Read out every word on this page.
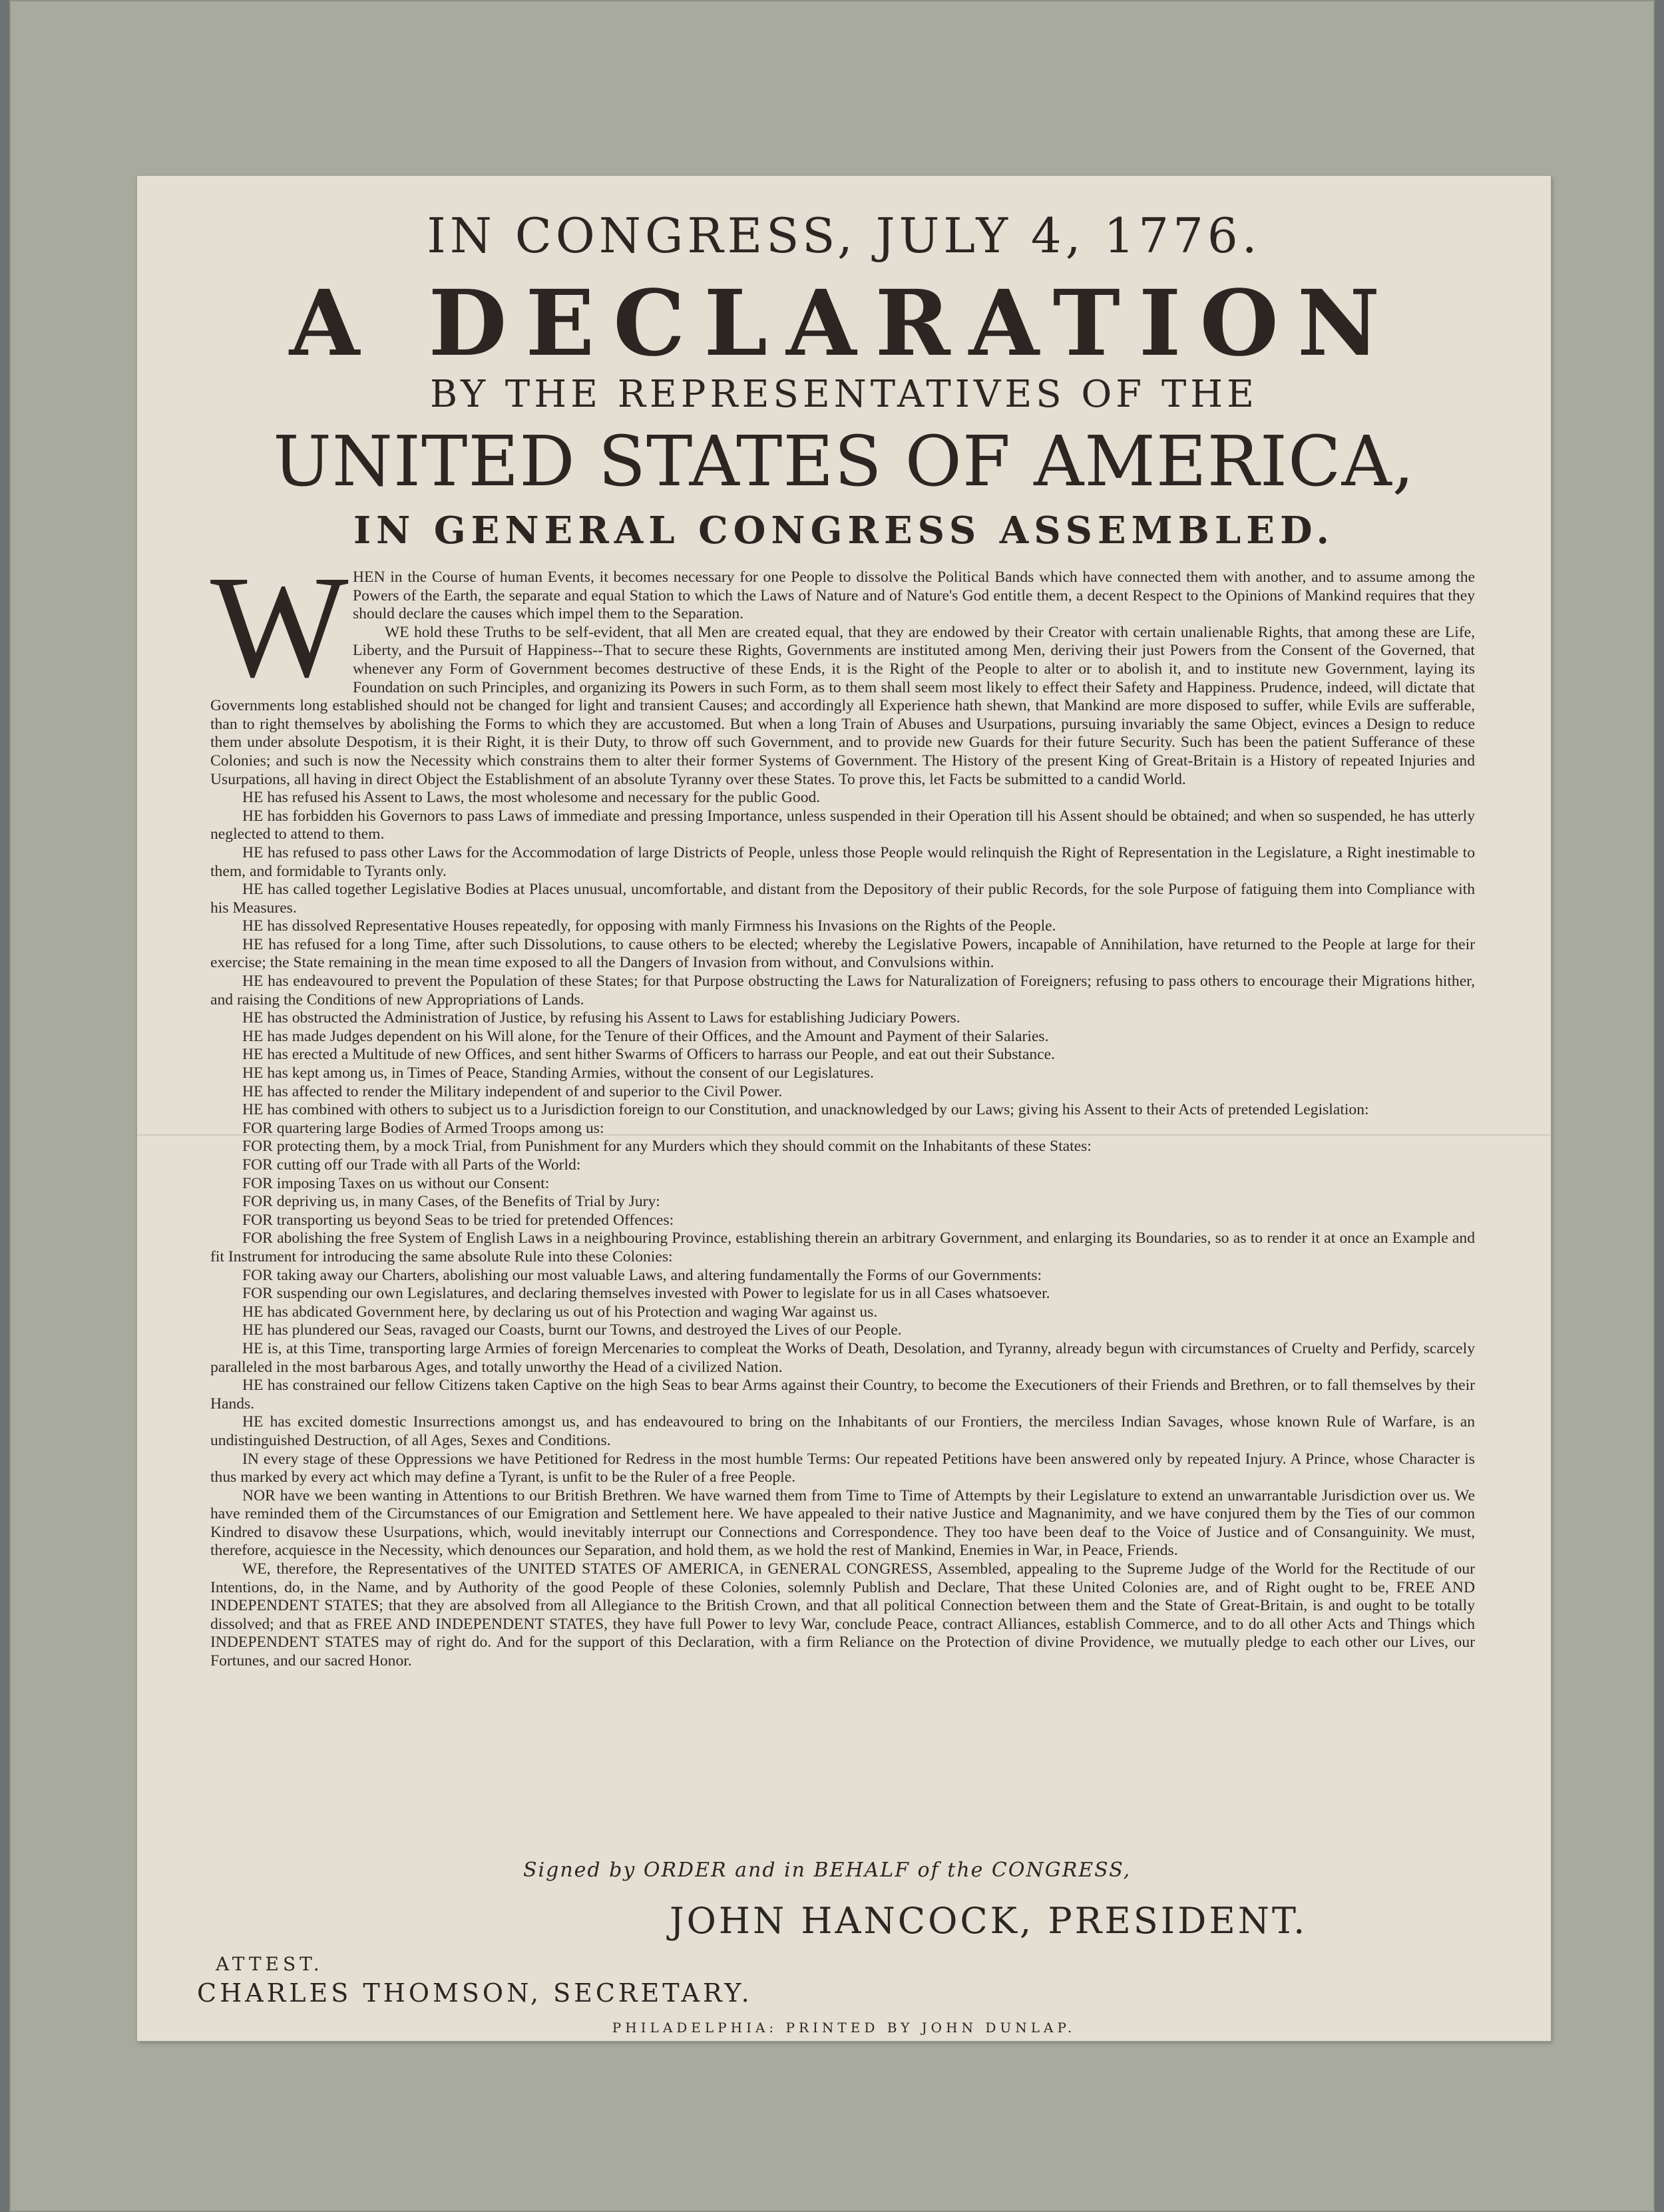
IN CONGRESS, JULY 4, 1776.
A DECLARATION
BY THE REPRESENTATIVES OF THE
UNITED STATES OF AMERICA,
IN GENERAL CONGRESS ASSEMBLED.
W HEN in the Course of human Events, it becomes necessary for one People to dissolve the Political Bands which have connected them with another, and to assume among the Powers of the Earth, the separate and equal Station to which the Laws of Nature and of Nature's God entitle them, a decent Respect to the Opinions of Mankind requires that they should declare the causes which impel them to the Separation.

WE hold these Truths to be self-evident, that all Men are created equal, that they are endowed by their Creator with certain unalienable Rights, that among these are Life, Liberty, and the Pursuit of Happiness--That to secure these Rights, Governments are instituted among Men, deriving their just Powers from the Consent of the Governed, that whenever any Form of Government becomes destructive of these Ends, it is the Right of the People to alter or to abolish it, and to institute new Government, laying its Foundation on such Principles, and organizing its Powers in such Form, as to them shall seem most likely to effect their Safety and Happiness. Prudence, indeed, will dictate that Governments long established should not be changed for light and transient Causes; and accordingly all Experience hath shewn, that Mankind are more disposed to suffer, while Evils are sufferable, than to right themselves by abolishing the Forms to which they are accustomed. But when a long Train of Abuses and Usurpations, pursuing invariably the same Object, evinces a Design to reduce them under absolute Despotism, it is their Right, it is their Duty, to throw off such Government, and to provide new Guards for their future Security. Such has been the patient Sufferance of these Colonies; and such is now the Necessity which constrains them to alter their former Systems of Government. The History of the present King of Great-Britain is a History of repeated Injuries and Usurpations, all having in direct Object the Establishment of an absolute Tyranny over these States. To prove this, let Facts be submitted to a candid World.

HE has refused his Assent to Laws, the most wholesome and necessary for the public Good.

HE has forbidden his Governors to pass Laws of immediate and pressing Importance, unless suspended in their Operation till his Assent should be obtained; and when so suspended, he has utterly neglected to attend to them.

HE has refused to pass other Laws for the Accommodation of large Districts of People, unless those People would relinquish the Right of Representation in the Legislature, a Right inestimable to them, and formidable to Tyrants only.

HE has called together Legislative Bodies at Places unusual, uncomfortable, and distant from the Depository of their public Records, for the sole Purpose of fatiguing them into Compliance with his Measures.

HE has dissolved Representative Houses repeatedly, for opposing with manly Firmness his Invasions on the Rights of the People.

HE has refused for a long Time, after such Dissolutions, to cause others to be elected; whereby the Legislative Powers, incapable of Annihilation, have returned to the People at large for their exercise; the State remaining in the mean time exposed to all the Dangers of Invasion from without, and Convulsions within.

HE has endeavoured to prevent the Population of these States; for that Purpose obstructing the Laws for Naturalization of Foreigners; refusing to pass others to encourage their Migrations hither, and raising the Conditions of new Appropriations of Lands.

HE has obstructed the Administration of Justice, by refusing his Assent to Laws for establishing Judiciary Powers.

HE has made Judges dependent on his Will alone, for the Tenure of their Offices, and the Amount and Payment of their Salaries.

HE has erected a Multitude of new Offices, and sent hither Swarms of Officers to harrass our People, and eat out their Substance.

HE has kept among us, in Times of Peace, Standing Armies, without the consent of our Legislatures.

HE has affected to render the Military independent of and superior to the Civil Power.

HE has combined with others to subject us to a Jurisdiction foreign to our Constitution, and unacknowledged by our Laws; giving his Assent to their Acts of pretended Legislation:

FOR quartering large Bodies of Armed Troops among us:

FOR protecting them, by a mock Trial, from Punishment for any Murders which they should commit on the Inhabitants of these States:

FOR cutting off our Trade with all Parts of the World:

FOR imposing Taxes on us without our Consent:

FOR depriving us, in many Cases, of the Benefits of Trial by Jury:

FOR transporting us beyond Seas to be tried for pretended Offences:

FOR abolishing the free System of English Laws in a neighbouring Province, establishing therein an arbitrary Government, and enlarging its Boundaries, so as to render it at once an Example and fit Instrument for introducing the same absolute Rule into these Colonies:

FOR taking away our Charters, abolishing our most valuable Laws, and altering fundamentally the Forms of our Governments:

FOR suspending our own Legislatures, and declaring themselves invested with Power to legislate for us in all Cases whatsoever.

HE has abdicated Government here, by declaring us out of his Protection and waging War against us.

HE has plundered our Seas, ravaged our Coasts, burnt our Towns, and destroyed the Lives of our People.

HE is, at this Time, transporting large Armies of foreign Mercenaries to compleat the Works of Death, Desolation, and Tyranny, already begun with circumstances of Cruelty and Perfidy, scarcely paralleled in the most barbarous Ages, and totally unworthy the Head of a civilized Nation.

HE has constrained our fellow Citizens taken Captive on the high Seas to bear Arms against their Country, to become the Executioners of their Friends and Brethren, or to fall themselves by their Hands.

HE has excited domestic Insurrections amongst us, and has endeavoured to bring on the Inhabitants of our Frontiers, the merciless Indian Savages, whose known Rule of Warfare, is an undistinguished Destruction, of all Ages, Sexes and Conditions.

IN every stage of these Oppressions we have Petitioned for Redress in the most humble Terms: Our repeated Petitions have been answered only by repeated Injury. A Prince, whose Character is thus marked by every act which may define a Tyrant, is unfit to be the Ruler of a free People.

NOR have we been wanting in Attentions to our British Brethren. We have warned them from Time to Time of Attempts by their Legislature to extend an unwarrantable Jurisdiction over us. We have reminded them of the Circumstances of our Emigration and Settlement here. We have appealed to their native Justice and Magnanimity, and we have conjured them by the Ties of our common Kindred to disavow these Usurpations, which, would inevitably interrupt our Connections and Correspondence. They too have been deaf to the Voice of Justice and of Consanguinity. We must, therefore, acquiesce in the Necessity, which denounces our Separation, and hold them, as we hold the rest of Mankind, Enemies in War, in Peace, Friends.

WE, therefore, the Representatives of the UNITED STATES OF AMERICA, in GENERAL CONGRESS, Assembled, appealing to the Supreme Judge of the World for the Rectitude of our Intentions, do, in the Name, and by Authority of the good People of these Colonies, solemnly Publish and Declare, That these United Colonies are, and of Right ought to be, FREE AND INDEPENDENT STATES; that they are absolved from all Allegiance to the British Crown, and that all political Connection between them and the State of Great-Britain, is and ought to be totally dissolved; and that as FREE AND INDEPENDENT STATES, they have full Power to levy War, conclude Peace, contract Alliances, establish Commerce, and to do all other Acts and Things which INDEPENDENT STATES may of right do. And for the support of this Declaration, with a firm Reliance on the Protection of divine Providence, we mutually pledge to each other our Lives, our Fortunes, and our sacred Honor.

Signed by ORDER and in BEHALF of the CONGRESS,
JOHN HANCOCK, PRESIDENT.
ATTEST.
CHARLES THOMSON, SECRETARY.
PHILADELPHIA: PRINTED BY JOHN DUNLAP.
